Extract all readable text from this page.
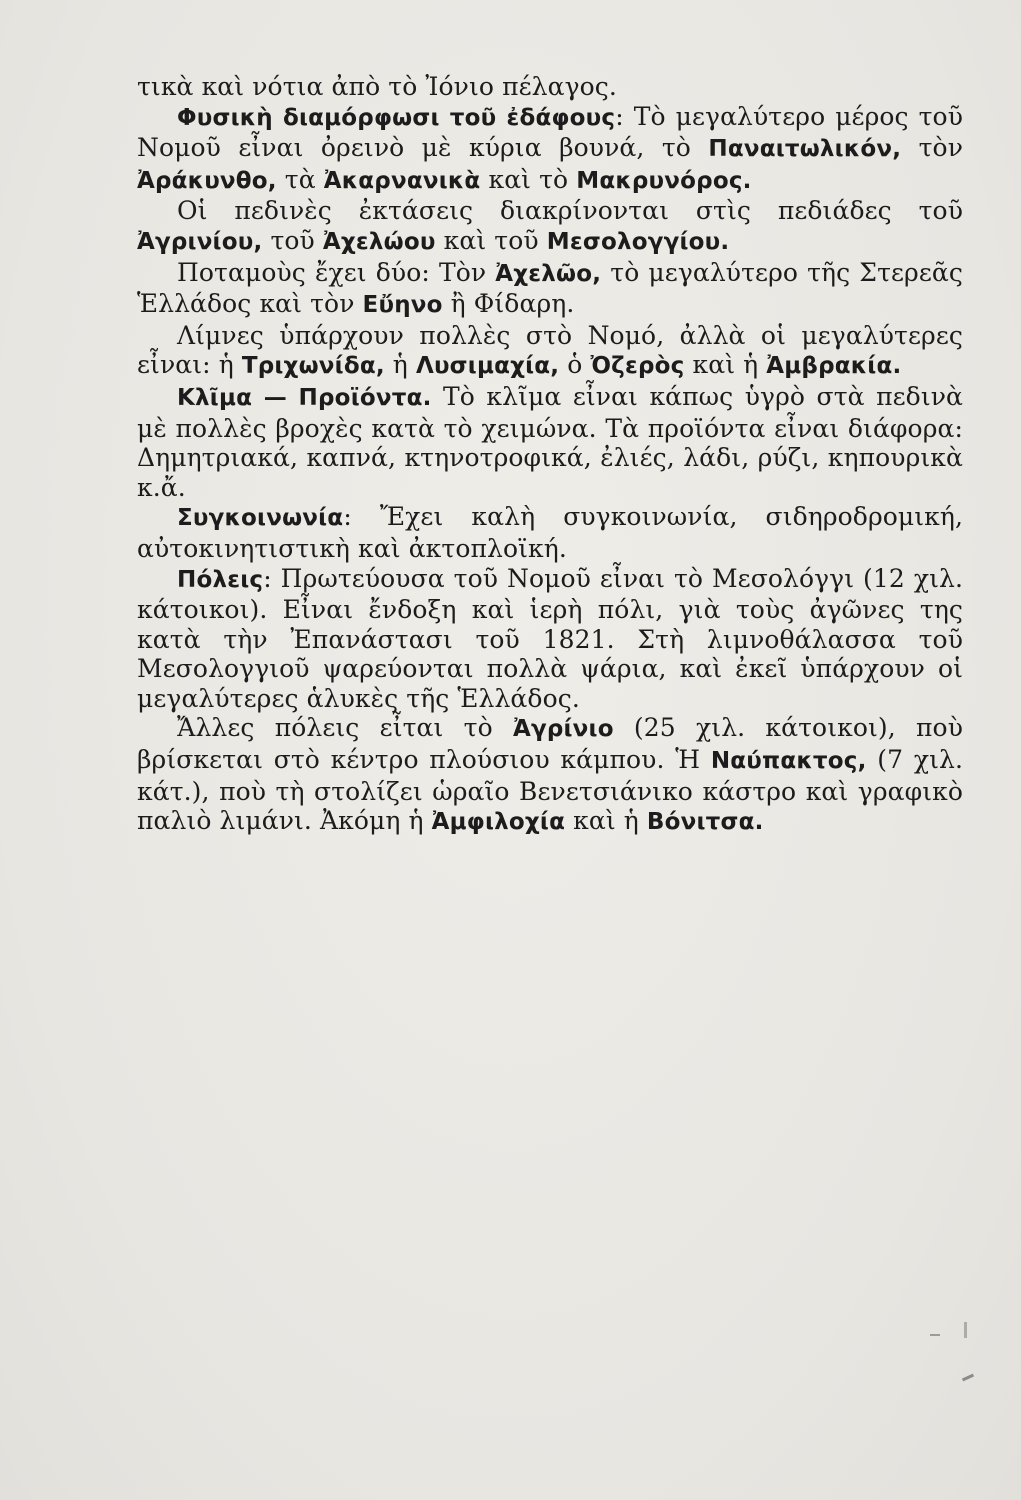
τικὰ καὶ νότια ἀπὸ τὸ Ἰόνιο πέλαγος.

Φυσικὴ διαμόρφωσι τοῦ ἐδάφους: Τὸ μεγαλύτερο μέρος τοῦ Νομοῦ εἶναι ὀρεινὸ μὲ κύρια βουνά, τὸ Παναιτωλικόν, τὸν Ἀράκυνθο, τὰ Ἀκαρνανικὰ καὶ τὸ Μακρυνόρος.

Οἱ πεδινὲς ἐκτάσεις διακρίνονται στὶς πεδιάδες τοῦ Ἀγρινίου, τοῦ Ἀχελώου καὶ τοῦ Μεσολογγίου.

Ποταμοὺς ἔχει δύο: Τὸν Ἀχελῶο, τὸ μεγαλύτερο τῆς Στερεᾶς Ἑλλάδος καὶ τὸν Εὔηνο ἢ Φίδαρη.

Λίμνες ὑπάρχουν πολλὲς στὸ Νομό, ἀλλὰ οἱ μεγαλύτερες εἶναι: ἡ Τριχωνίδα, ἡ Λυσιμαχία, ὁ Ὀζερὸς καὶ ἡ Ἀμβρακία.

Κλῖμα — Προϊόντα. Τὸ κλῖμα εἶναι κάπως ὑγρὸ στὰ πεδινὰ μὲ πολλὲς βροχὲς κατὰ τὸ χειμώνα. Τὰ προϊόντα εἶναι διάφορα: Δημητριακά, καπνά, κτηνοτροφικά, ἐλιές, λάδι, ρύζι, κηπουρικὰ κ.ἄ.

Συγκοινωνία: Ἔχει καλὴ συγκοινωνία, σιδηροδρομική, αὐτοκινητιστικὴ καὶ ἀκτοπλοϊκή.

Πόλεις: Πρωτεύουσα τοῦ Νομοῦ εἶναι τὸ Μεσολόγγι (12 χιλ. κάτοικοι). Εἶναι ἔνδοξη καὶ ἱερὴ πόλι, γιὰ τοὺς ἀγῶνες της κατὰ τὴν Ἐπανάστασι τοῦ 1821. Στὴ λιμνοθάλασσα τοῦ Μεσολογγιοῦ ψαρεύονται πολλὰ ψάρια, καὶ ἐκεῖ ὑπάρχουν οἱ μεγαλύτερες ἁλυκὲς τῆς Ἑλλάδος.

Ἄλλες πόλεις εἶται τὸ Ἀγρίνιο (25 χιλ. κάτοικοι), ποὺ βρίσκεται στὸ κέντρο πλούσιου κάμπου. Ἡ Ναύπακτος, (7 χιλ. κάτ.), ποὺ τὴ στολίζει ὡραῖο Βενετσιάνικο κάστρο καὶ γραφικὸ παλιὸ λιμάνι. Ἀκόμη ἡ Ἀμφιλοχία καὶ ἡ Βόνιτσα.
